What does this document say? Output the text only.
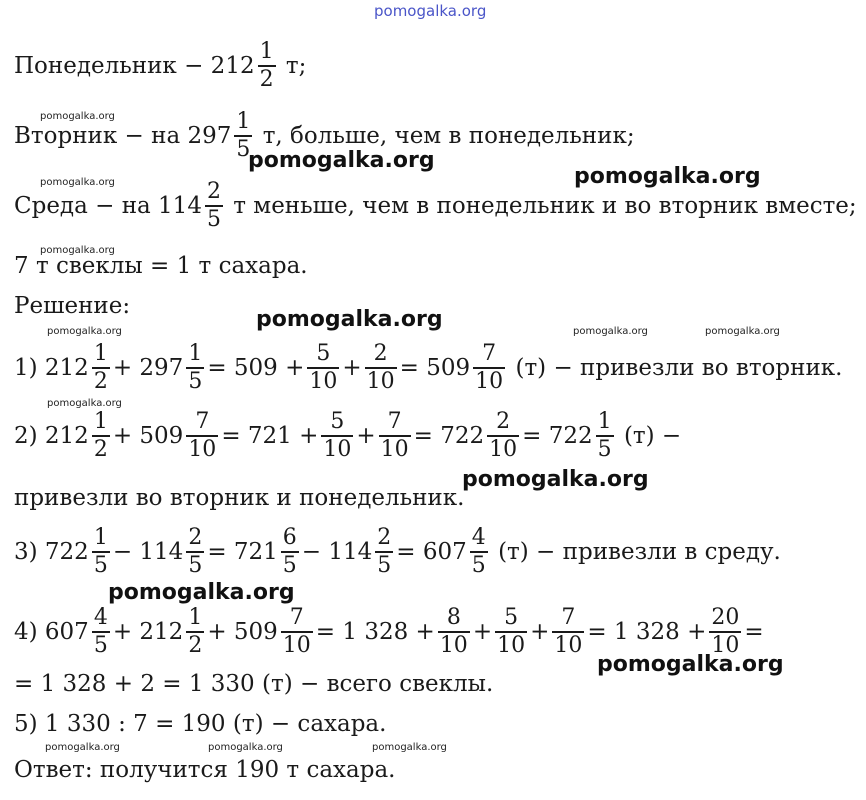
pomogalka.org
Понедельник − $212 \frac{1}{2} т$;
Вторник − на $297 \frac{1}{5} т$, больше, чем в понедельник;
Среда − на $114 \frac{2}{5}$ т меньше, чем в понедельник и во вторник вместе;
7 т свеклы = 1 т сахара.
Решение:
1) $212 \frac{1}{2} + 297 \frac{1}{5} = 509 + \frac{5}{10} + \frac{2}{10} = 509 \frac{7}{10} (т)$ − привезли во вторник.
2) $212 \frac{1}{2} + 509 \frac{7}{10} = 721 + \frac{5}{10} + \frac{7}{10} = 722 \frac{2}{10} = 722 \frac{1}{5} (т)$ −
привезли во вторник и понедельник.
3) $722 \frac{1}{5} - 114 \frac{2}{5} = 721 \frac{6}{5} - 114 \frac{2}{5} = 607 \frac{4}{5} (т)$ − привезли в среду.
4) $607 \frac{4}{5} + 212 \frac{1}{2} + 509 \frac{7}{10} = 1$ $328 + \frac{8}{10} + \frac{5}{10} + \frac{7}{10} = 1$ $328 + \frac{20}{10}$ =
= 1 328 + 2 = 1 330 (т) − всего свеклы.
5) 1 330 : 7 = 190 (т) − сахара.
Ответ: получится 190 т сахара.
pomogalka.org
pomogalka.org
pomogalka.org	pomogalka.org
pomogalka.org
pomogalka.org	pomogalka.org	pomogalka.org	pomogalka.org
pomogalka.org
pomogalka.org
pomogalka.org
pomogalka.org
pomogalka.org	pomogalka.org	pomogalka.org
